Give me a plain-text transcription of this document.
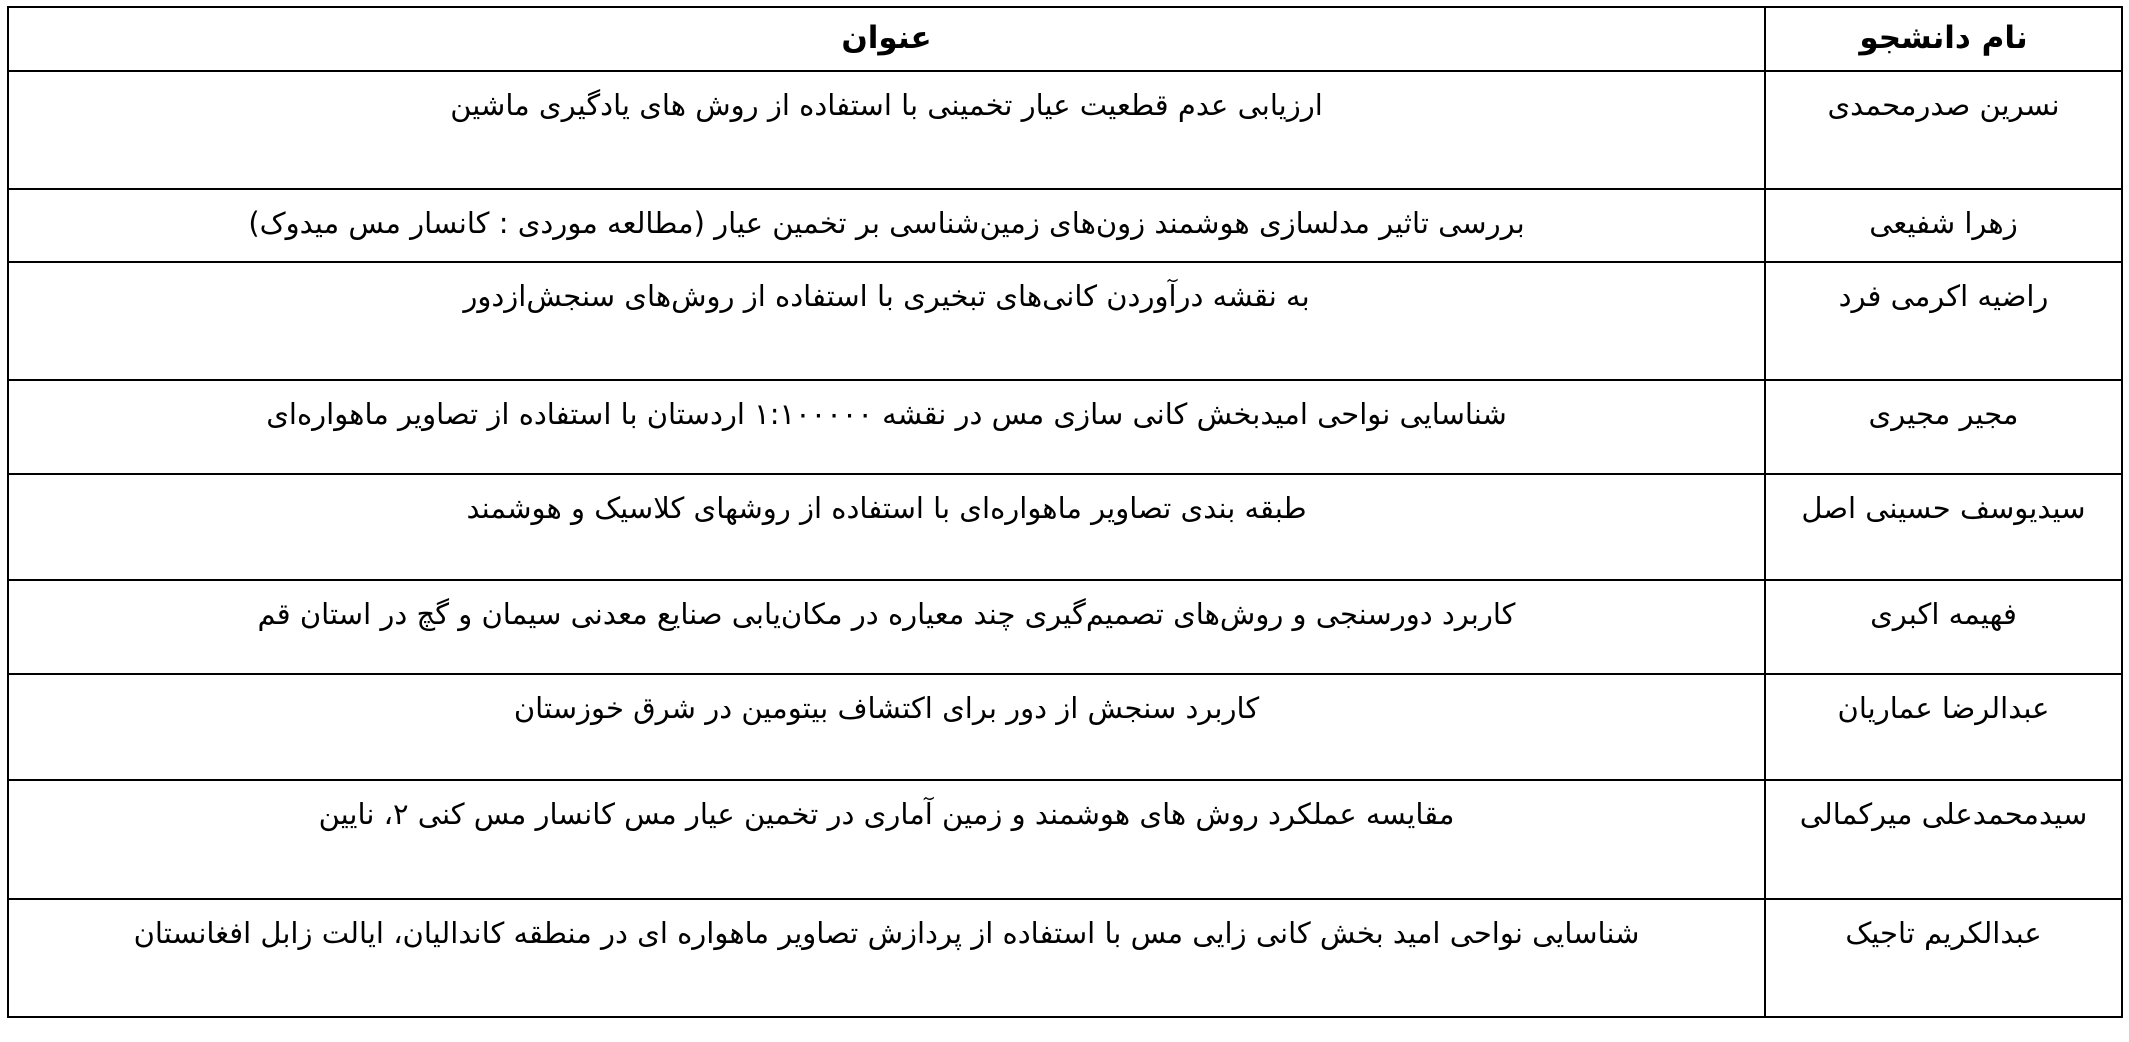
عنوان	نام دانشجو
ارزیابی عدم قطعیت عیار تخمینی با استفاده از روش های یادگیری ماشین	نسرین صدرمحمدی
بررسی تاثیر مدلسازی هوشمند زون‌های زمین‌شناسی بر تخمین عیار (مطالعه موردی : کانسار مس میدوک)	زهرا شفیعی
به نقشه درآوردن کانی‌های تبخیری با استفاده از روش‌های سنجش‌ازدور	راضیه اکرمی فرد
شناسایی نواحی امیدبخش کانی سازی مس در نقشه ۱:۱۰۰۰۰۰ اردستان با استفاده از تصاویر ماهواره‌ای	مجیر مجیری
طبقه بندی تصاویر ماهواره‌ای با استفاده از روشهای کلاسیک و هوشمند	سیدیوسف حسینی اصل
کاربرد دورسنجی و روش‌های تصمیم‌گیری چند معیاره در مکان‌یابی صنایع معدنی سیمان و گچ در استان قم	فهیمه اکبری
کاربرد سنجش از دور برای اکتشاف بیتومین در شرق خوزستان	عبدالرضا عماریان
مقایسه عملکرد روش های هوشمند و زمین آماری در تخمین عیار مس کانسار مس کنی ۲، نایین	سیدمحمدعلی میرکمالی
شناسایی نواحی امید بخش کانی زایی مس با استفاده از پردازش تصاویر ماهواره ای در منطقه کاندالیان، ایالت زابل افغانستان	عبدالکریم تاجیک
